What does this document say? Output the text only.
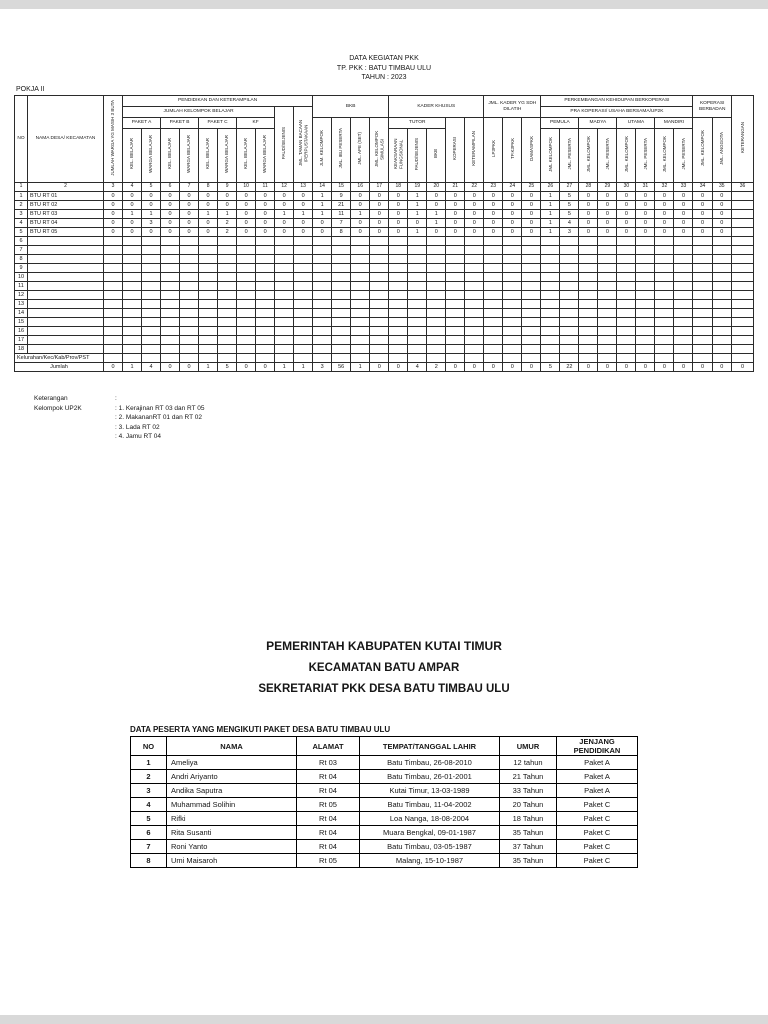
DATA KEGIATAN PKK
TP. PKK : BATU TIMBAU ULU
TAHUN : 2023
POKJA II
NO	NAMA DESA/ KECAMATAN	JUMLAH WARGA YG MASIH 3 BUTA	PENDIDIKAN DAN KETERAMPILAN										BKB				KADER KHUSUS					JML. KADER YG SDH DILATIH			PERKEMBANGAN KEHIDUPAN BERKOPERASI								KOPERASI BERBADAN		KETERANGAN
			JUMLAH KELOMPOK BELAJAR								PAUD/SEJENIS	JML. TAMAN BACAAN /PERPUSTAKAAN													PRA KOPERASI/ USAHA BERSAMA/UP2K										
			PAKET A		PAKET B		PAKET C		KF				JLM. KELOMPOK	JML. IBU PESERTA	JML. APE (SET)	JML. KELOMPOK SIMULASI	TUTOR			KOPERASI	KETERAMPILAN	LP3PKK	TP.K3PKK	DAMASPKK	PEMULA		MADYA		UTAMA		MANDIRI		JML. KELOMPOK	JML. ANGGOTA	
			KEL. BELAJAR	WARGA BELAJAR	KEL. BELAJAR	WARGA BELAJAR	KEL. BELAJAR	WARGA BELAJAR	KEL. BELAJAR	WARGA BELAJAR							KEAKSARAAN FUNGSIONAL	PAUD/SEJENIS	BKB						JML KELOMPOK	JML. PESERTA	JML. KELOMPOK	JML. PESERTA	JML. KELOMPOK	JML. PESERTA	JML. KELOMPOK	JML. PESERTA			
1	2	3	4	5	6	7	8	9	10	11	12	13	14	15	16	17	18	19	20	21	22	23	24	25	26	27	28	29	30	31	32	33	34	35	36
1	BTU RT 01	0	0	0	0	0	0	0	0	0	0	0	1	9	0	0	0	1	0	0	0	0	0	0	1	5	0	0	0	0	0	0	0	0	
2	BTU RT 02	0	0	0	0	0	0	0	0	0	0	0	1	21	0	0	0	1	0	0	0	0	0	0	1	5	0	0	0	0	0	0	0	0	
3	BTU RT 03	0	1	1	0	0	1	1	0	0	1	1	1	11	1	0	0	1	1	0	0	0	0	0	1	5	0	0	0	0	0	0	0	0	
4	BTU RT 04	0	0	3	0	0	0	2	0	0	0	0	0	7	0	0	0	0	1	0	0	0	0	0	1	4	0	0	0	0	0	0	0	0	
5	BTU RT 05	0	0	0	0	0	0	2	0	0	0	0	0	8	0	0	0	1	0	0	0	0	0	0	1	3	0	0	0	0	0	0	0	0	
6																																			
7																																			
8																																			
9																																			
10																																			
11																																			
12																																			
13																																			
14																																			
15																																			
16																																			
17																																			
18																																			
Kelurahan/Kec/Kab/Prov/PST																																			
Jumlah		0	1	4	0	0	1	5	0	0	1	1	3	56	1	0	0	4	2	0	0	0	0	0	5	22	0	0	0	0	0	0	0	0	0
Keterangan	:
Kelompok UP2K	: 1. Kerajinan RT 03 dan RT 05
: 2. MakananRT 01 dan RT 02
: 3. Lada RT 02
: 4. Jamu RT 04
PEMERINTAH KABUPATEN KUTAI TIMUR
KECAMATAN BATU AMPAR
SEKRETARIAT PKK DESA BATU TIMBAU ULU
DATA PESERTA YANG MENGIKUTI PAKET DESA BATU TIMBAU ULU
NO	NAMA	ALAMAT	TEMPAT/TANGGAL LAHIR	UMUR	JENJANG PENDIDIKAN
1	Ameliya	Rt 03	Batu Timbau, 26-08-2010	12 tahun	Paket A
2	Andri Ariyanto	Rt 04	Batu Timbau, 26-01-2001	21 Tahun	Paket A
3	Andika Saputra	Rt 04	Kutai Timur, 13-03-1989	33 Tahun	Paket A
4	Muhammad Solihin	Rt 05	Batu Timbau, 11-04-2002	20 Tahun	Paket C
5	Rifki	Rt 04	Loa Nanga, 18-08-2004	18 Tahun	Paket C
6	Rita Susanti	Rt 04	Muara Bengkal, 09-01-1987	35 Tahun	Paket C
7	Roni Yanto	Rt 04	Batu Timbau, 03-05-1987	37 Tahun	Paket C
8	Umi Maisaroh	Rt 05	Malang, 15-10-1987	35 Tahun	Paket C
